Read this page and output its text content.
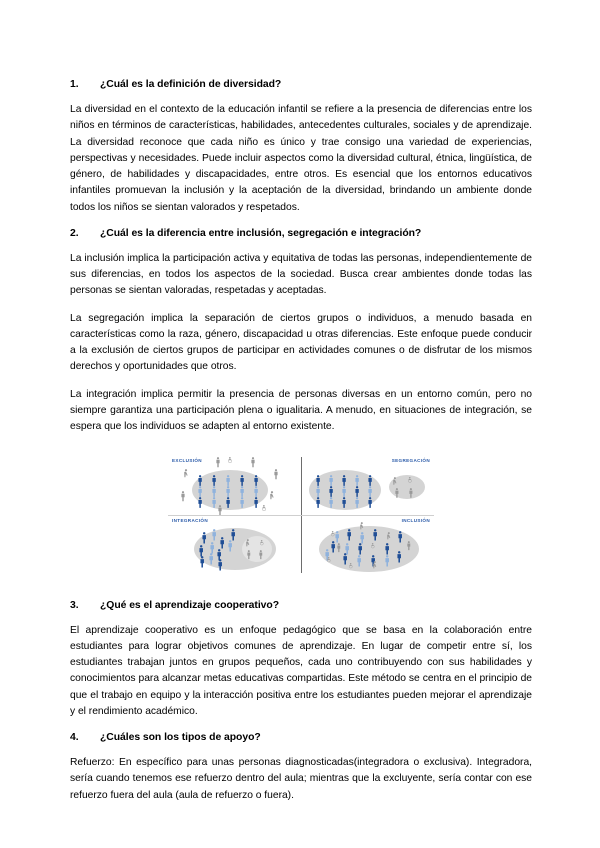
1.	¿Cuál es la definición de diversidad?

La diversidad en el contexto de la educación infantil se refiere a la presencia de diferencias entre los niños en términos de características, habilidades, antecedentes culturales, sociales y de aprendizaje. La diversidad reconoce que cada niño es único y trae consigo una variedad de experiencias, perspectivas y necesidades. Puede incluir aspectos como la diversidad cultural, étnica, lingüística, de género, de habilidades y discapacidades, entre otros. Es esencial que los entornos educativos infantiles promuevan la inclusión y la aceptación de la diversidad, brindando un ambiente donde todos los niños se sientan valorados y respetados.

2.	¿Cuál es la diferencia entre inclusión, segregación e integración?

La inclusión implica la participación activa y equitativa de todas las personas, independientemente de sus diferencias, en todos los aspectos de la sociedad. Busca crear ambientes donde todas las personas se sientan valoradas, respetadas y aceptadas.

La segregación implica la separación de ciertos grupos o individuos, a menudo basada en características como la raza, género, discapacidad u otras diferencias. Este enfoque puede conducir a la exclusión de ciertos grupos de participar en actividades comunes o de disfrutar de los mismos derechos y oportunidades que otros.

La integración implica permitir la presencia de personas diversas en un entorno común, pero no siempre garantiza una participación plena o igualitaria. A menudo, en situaciones de integración, se espera que los individuos se adapten al entorno existente.

EXCLUSIÓN	SEGREGACIÓN
INTEGRACIÓN	INCLUSIÓN
3.	¿Qué es el aprendizaje cooperativo?

El aprendizaje cooperativo es un enfoque pedagógico que se basa en la colaboración entre estudiantes para lograr objetivos comunes de aprendizaje. En lugar de competir entre sí, los estudiantes trabajan juntos en grupos pequeños, cada uno contribuyendo con sus habilidades y conocimientos para alcanzar metas educativas compartidas. Este método se centra en el principio de que el trabajo en equipo y la interacción positiva entre los estudiantes pueden mejorar el aprendizaje y el rendimiento académico.

4.	¿Cuáles son los tipos de apoyo?

Refuerzo: En específico para unas personas diagnosticadas(integradora o exclusiva). Integradora, sería cuando tenemos ese refuerzo dentro del aula; mientras que la excluyente, sería contar con ese refuerzo fuera del aula (aula de refuerzo o fuera).
